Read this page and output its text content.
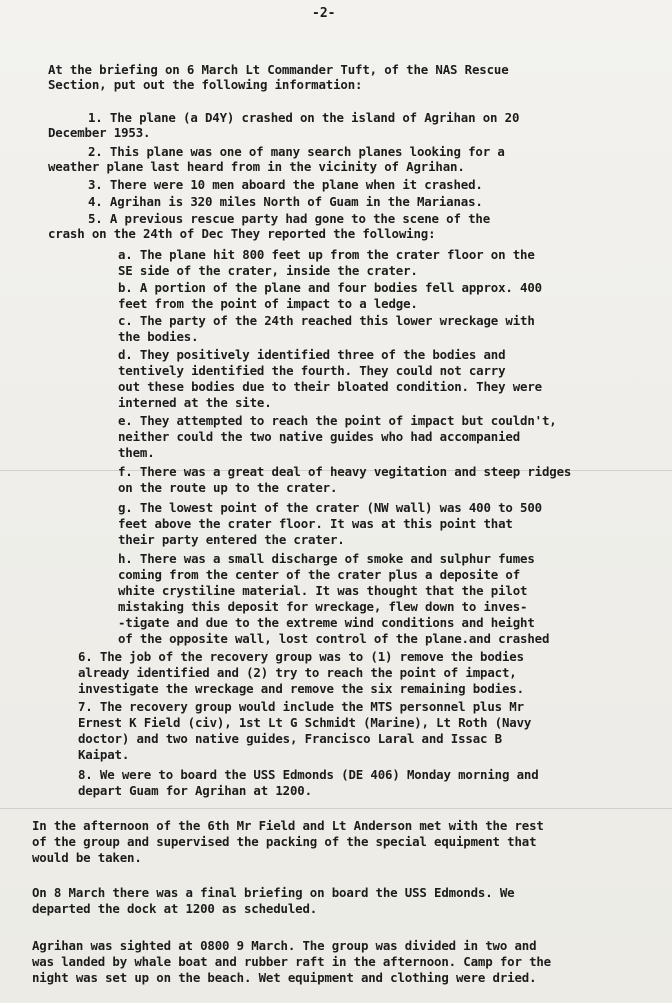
-2-
At the briefing on 6 March Lt Commander Tuft, of the NAS Rescue
Section, put out the following information:
1. The plane (a D4Y) crashed on the island of Agrihan on 20
December 1953.
2. This plane was one of many search planes looking for a
weather plane last heard from in the vicinity of Agrihan.
3. There were 10 men aboard the plane when it crashed.
4. Agrihan is 320 miles North of Guam in the Marianas.
5. A previous rescue party had gone to the scene of the
crash on the 24th of Dec They reported the following:
a. The plane hit 800 feet up from the crater floor on the
SE side of the crater, inside the crater.
b. A portion of the plane and four bodies fell approx. 400
feet from the point of impact to a ledge.
c. The party of the 24th reached this lower wreckage with
the bodies.
d. They positively identified three of the bodies and
tentively identified the fourth. They could not carry
out these bodies due to their bloated condition. They were
interned at the site.
e. They attempted to reach the point of impact but couldn't,
neither could the two native guides who had accompanied
them.
f. There was a great deal of heavy vegitation and steep ridges
on the route up to the crater.
g. The lowest point of the crater (NW wall) was 400 to 500
feet above the crater floor. It was at this point that
their party entered the crater.
h. There was a small discharge of smoke and sulphur fumes
coming from the center of the crater plus a deposite of
white crystiline material. It was thought that the pilot
mistaking this deposit for wreckage, flew down to inves-
-tigate and due to the extreme wind conditions and height
of the opposite wall, lost control of the plane.and crashed
6. The job of the recovery group was to (1) remove the bodies
already identified and (2) try to reach the point of impact,
investigate the wreckage and remove the six remaining bodies.
7. The recovery group would include the MTS personnel plus Mr
Ernest K Field (civ), 1st Lt G Schmidt (Marine), Lt Roth (Navy
doctor) and two native guides, Francisco Laral and Issac B
Kaipat.
8. We were to board the USS Edmonds (DE 406) Monday morning and
depart Guam for Agrihan at 1200.
In the afternoon of the 6th Mr Field and Lt Anderson met with the rest
of the group and supervised the packing of the special equipment that
would be taken.
On 8 March there was a final briefing on board the USS Edmonds. We
departed the dock at 1200 as scheduled.
Agrihan was sighted at 0800 9 March. The group was divided in two and
was landed by whale boat and rubber raft in the afternoon. Camp for the
night was set up on the beach. Wet equipment and clothing were dried.
